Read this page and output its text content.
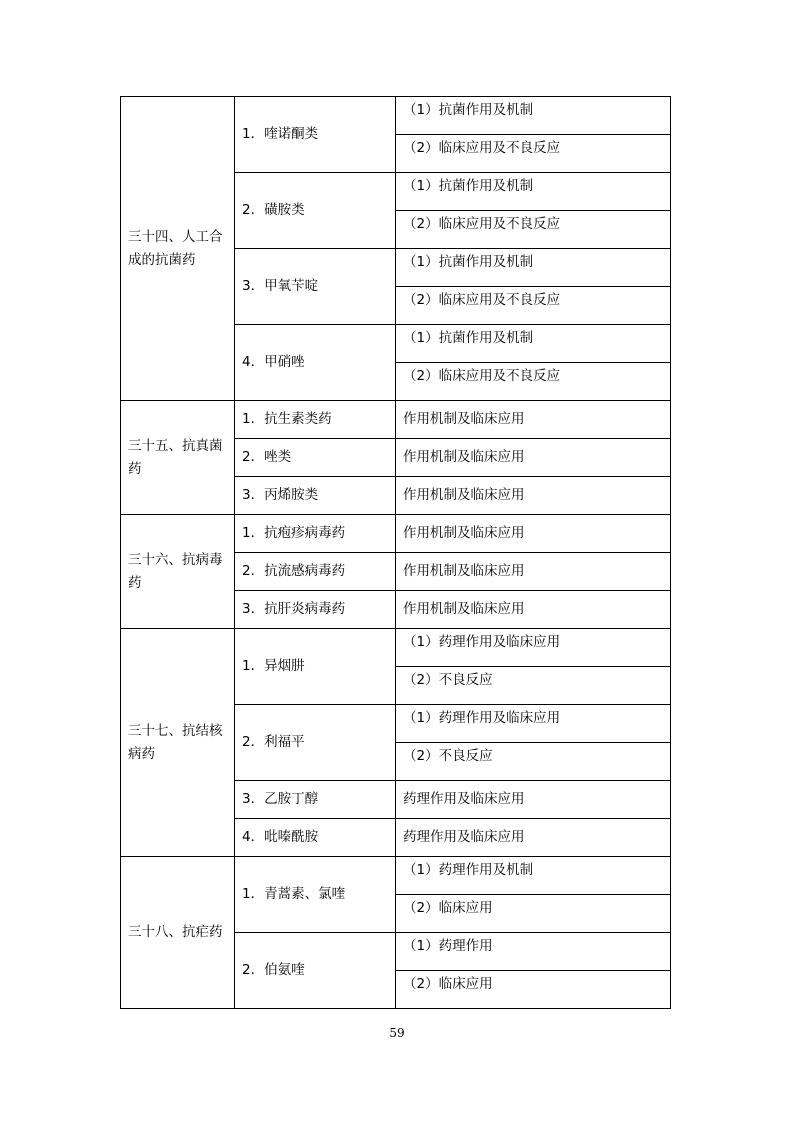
三十四、人工合成的抗菌药	1．喹诺酮类	（1）抗菌作用及机制
		（2）临床应用及不良反应
	2．磺胺类	（1）抗菌作用及机制
		（2）临床应用及不良反应
	3．甲氧苄啶	（1）抗菌作用及机制
		（2）临床应用及不良反应
	4．甲硝唑	（1）抗菌作用及机制
		（2）临床应用及不良反应
三十五、抗真菌药	1．抗生素类药	作用机制及临床应用
	2．唑类	作用机制及临床应用
	3．丙烯胺类	作用机制及临床应用
三十六、抗病毒药	1．抗疱疹病毒药	作用机制及临床应用
	2．抗流感病毒药	作用机制及临床应用
	3．抗肝炎病毒药	作用机制及临床应用
三十七、抗结核病药	1．异烟肼	（1）药理作用及临床应用
		（2）不良反应
	2．利福平	（1）药理作用及临床应用
		（2）不良反应
	3．乙胺丁醇	药理作用及临床应用
	4．吡嗪酰胺	药理作用及临床应用
三十八、抗疟药	1．青蒿素、氯喹	（1）药理作用及机制
		（2）临床应用
	2．伯氨喹	（1）药理作用
		（2）临床应用
59
